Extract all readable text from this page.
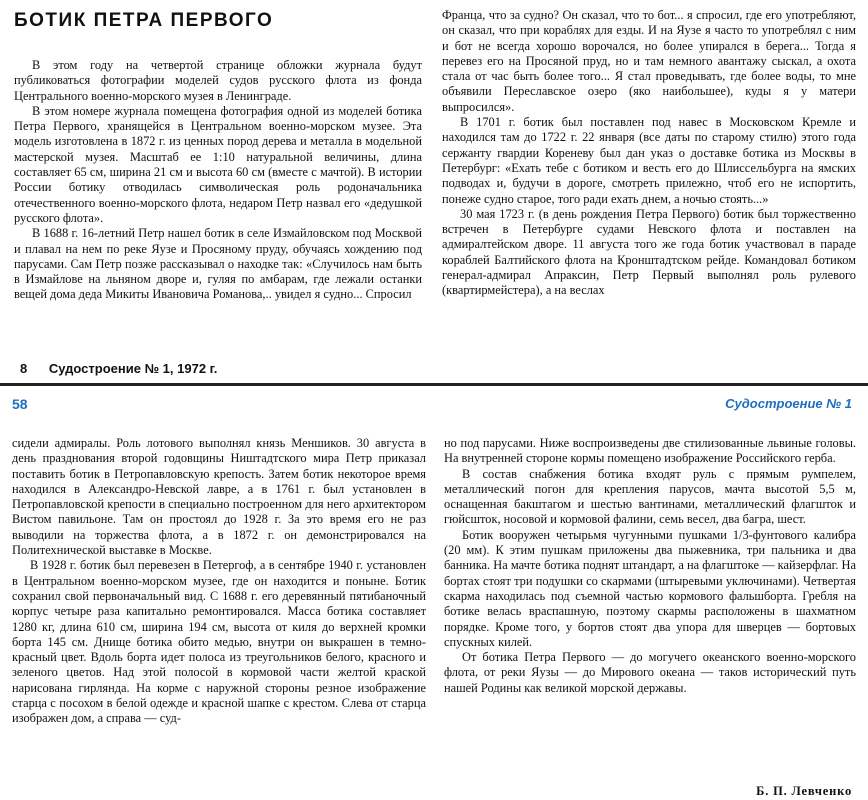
БОТИК ПЕТРА ПЕРВОГО

В этом году на четвертой странице обложки журнала будут публиковаться фотографии моделей судов русского флота из фонда Центрального военно-морского музея в Ленинграде.

В этом номере журнала помещена фотография одной из моделей ботика Петра Первого, хранящейся в Центральном военно-морском музее. Эта модель изготовлена в 1872 г. из ценных пород дерева и металла в модельной мастерской музея. Масштаб ее 1:10 натуральной величины, длина составляет 65 см, ширина 21 см и высота 60 см (вместе с мачтой). В истории России ботику отводилась символическая роль родоначальника отечественного военно-морского флота, недаром Петр назвал его «дедушкой русского флота».

В 1688 г. 16-летний Петр нашел ботик в селе Измайловском под Москвой и плавал на нем по реке Яузе и Просяному пруду, обучаясь хождению под парусами. Сам Петр позже рассказывал о находке так: «Случилось нам быть в Измайлове на льняном дворе и, гуляя по амбарам, где лежали останки вещей дома деда Микиты Ивановича Романова,.. увидел я судно... Спросил

Франца, что за судно? Он сказал, что то бот... я спросил, где его употребляют, он сказал, что при кораблях для езды. И на Яузе я часто то употреблял с ним и бот не всегда хорошо ворочался, но более упирался в берега... Тогда я перевез его на Просяной пруд, но и там немного авантажу сыскал, а охота стала от час быть более того... Я стал проведывать, где более воды, то мне объявили Переславское озеро (яко наибольшее), куды я у матери выпросился».

В 1701 г. ботик был поставлен под навес в Московском Кремле и находился там до 1722 г. 22 января (все даты по старому стилю) этого года сержанту гвардии Кореневу был дан указ о доставке ботика из Москвы в Петербург: «Ехать тебе с ботиком и весть его до Шлиссельбурга на ямских подводах и, будучи в дороге, смотреть прилежно, чтоб его не испортить, понеже судно старое, того ради ехать днем, а ночью стоять...»

30 мая 1723 г. (в день рождения Петра Первого) ботик был торжественно встречен в Петербурге судами Невского флота и поставлен на адмиралтейском дворе. 11 августа того же года ботик участвовал в параде кораблей Балтийского флота на Кронштадтском рейде. Командовал ботиком генерал-адмирал Апраксин, Петр Первый выполнял роль рулевого (квартирмейстера), а на веслах

8 Судостроение № 1, 1972 г.
58	Судостроение № 1

сидели адмиралы. Роль лотового выполнял князь Меншиков. 30 августа в день празднования второй годовщины Ништадтского мира Петр приказал поставить ботик в Петропавловскую крепость. Затем ботик некоторое время находился в Александро-Невской лавре, а в 1761 г. был установлен в Петропавловской крепости в специально построенном для него архитектором Вистом павильоне. Там он простоял до 1928 г. За это время его не раз выводили на торжества флота, а в 1872 г. он демонстрировался на Политехнической выставке в Москве.

В 1928 г. ботик был перевезен в Петергоф, а в сентябре 1940 г. установлен в Центральном военно-морском музее, где он находится и поныне. Ботик сохранил свой первоначальный вид. С 1688 г. его деревянный пятибаночный корпус четыре раза капитально ремонтировался. Масса ботика составляет 1280 кг, длина 610 см, ширина 194 см, высота от киля до верхней кромки борта 145 см. Днище ботика обито медью, внутри он выкрашен в темно-красный цвет. Вдоль борта идет полоса из треугольников белого, красного и зеленого цветов. Над этой полосой в кормовой части желтой краской нарисована гирлянда. На корме с наружной стороны резное изображение старца с посохом в белой одежде и красной шапке с крестом. Слева от старца изображен дом, а справа — суд-

но под парусами. Ниже воспроизведены две стилизованные львиные головы. На внутренней стороне кормы помещено изображение Российского герба.

В состав снабжения ботика входят руль с прямым румпелем, металлический погон для крепления парусов, мачта высотой 5,5 м, оснащенная бакштагом и шестью вантинами, металлический флагшток и гюйсшток, носовой и кормовой фалини, семь весел, два багра, шест.

Ботик вооружен четырьмя чугунными пушками 1/3-фунтового калибра (20 мм). К этим пушкам приложены два пыжевника, три пальника и два банника. На мачте ботика поднят штандарт, а на флагштоке — кайзерфлаг. На бортах стоят три подушки со скармами (штыревыми уключинами). Четвертая скарма находилась под съемной частью кормового фальшборта. Гребля на ботике велась враспашную, поэтому скармы расположены в шахматном порядке. Кроме того, у бортов стоят два упора для шверцев — бортовых спускных килей.

От ботика Петра Первого — до могучего океанского военно-морского флота, от реки Яузы — до Мирового океана — таков исторический путь нашей Родины как великой морской державы.

Б. П. Левченко
